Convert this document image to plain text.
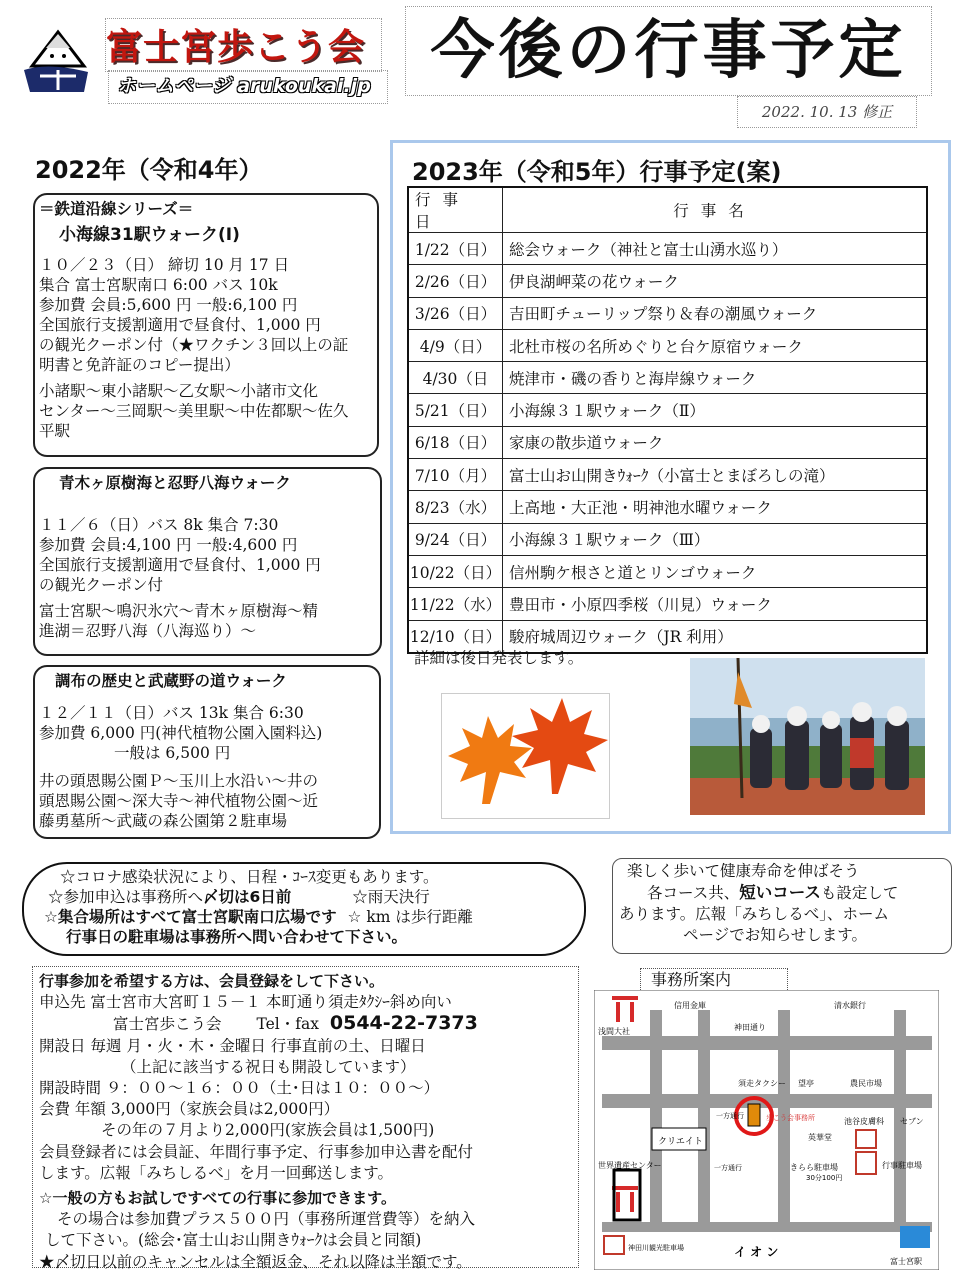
富士宮歩こう会
ホームページ arukoukai.jp 今後の行事予定
2022. 10. 13 修正
2022年（令和4年）

＝鉄道沿線シリーズ＝

小海線31駅ウォーク(Ⅰ)

１０／２３（日） 締切 10 月 17 日

集合 富士宮駅南口 6:00 バス 10k

参加費 会員:5,600 円 一般:6,100 円

全国旅行支援割適用で昼食付、1,000 円

の観光クーポン付（★ワクチン３回以上の証

明書と免許証のコピー提出）

小諸駅～東小諸駅～乙女駅～小諸市文化

センター～三岡駅～美里駅～中佐都駅～佐久

平駅

青木ヶ原樹海と忍野八海ウォーク

１１／６（日）バス 8k 集合 7:30

参加費 会員:4,100 円 一般:4,600 円

全国旅行支援割適用で昼食付、1,000 円

の観光クーポン付

富士宮駅～鳴沢氷穴～青木ヶ原樹海～精

進湖＝忍野八海（八海巡り）～

調布の歴史と武蔵野の道ウォーク

１２／１１（日）バス 13k 集合 6:30

参加費 6,000 円(神代植物公園入園料込)

一般は 6,500 円

井の頭恩賜公園Ｐ～玉川上水沿い～井の

頭恩賜公園～深大寺～神代植物公園～近

藤勇墓所～武蔵の森公園第２駐車場

2023年（令和5年）行事予定(案)
行事日	行事名
1/22（日）	総会ウォーク（神社と富士山湧水巡り）
2/26（日）	伊良湖岬菜の花ウォーク
3/26（日）	吉田町チューリップ祭り＆春の潮風ウォーク
4/9（日）	北杜市桜の名所めぐりと台ケ原宿ウォーク
4/30（日	焼津市・磯の香りと海岸線ウォーク
5/21（日）	小海線３１駅ウォーク（Ⅱ）
6/18（日）	家康の散歩道ウォーク
7/10（月）	富士山お山開きｳｫｰｸ（小富士とまぼろしの滝）
8/23（水）	上高地・大正池・明神池水曜ウォーク
9/24（日）	小海線３１駅ウォーク（Ⅲ）
10/22（日）	信州駒ケ根さと道とリンゴウォーク
11/22（水）	豊田市・小原四季桜（川見）ウォーク
12/10（日）	駿府城周辺ウォーク（JR 利用）
詳細は後日発表します。

☆コロナ感染状況により、日程・ｺｰｽ変更もあります。

☆参加申込は事務所へ〆切は6日前	☆雨天決行

☆集合場所はすべて富士宮駅南口広場です ☆ km は歩行距離

行事日の駐車場は事務所へ問い合わせて下さい。

楽しく歩いて健康寿命を伸ばそう

各コース共、短いコースも設定して

あります。広報「みちしるべ」、ホーム

ページでお知らせします。

行事参加を希望する方は、会員登録をして下さい。

申込先 富士宮市大宮町１５－１ 本町通り須走ﾀｸｼｰ斜め向い

富士宮歩こう会 Tel・fax 0544-22-7373

開設日 毎週 月・火・木・金曜日 行事直前の土、日曜日

（上記に該当する祝日も開設しています）

開設時間 ９：００～１６：００（土･日は１０：００～）

会費 年額 3,000円（家族会員は2,000円）

その年の７月より2,000円(家族会員は1,500円)

会員登録者には会員証、年間行事予定、行事参加申込書を配付

します。広報「みちしるべ」を月一回郵送します。

☆一般の方もお試しですべての行事に参加できます。

その場合は参加費プラス５００円（事務所運営費等）を納入

して下さい。(総会･富士山お山開きｳｫｰｸは会員と同額)

★〆切日以前のキャンセルは全額返金、それ以降は半額です。

事務所案内
クリエイト
浅間大社
信用金庫	清水銀行
神田通り
須走タクシー 望亭	農民市場
一方通行	歩こう会事務所	池谷皮膚科 セブン
英華堂
一方通行	きらら駐車場
30分100円
行事駐車場
世界遺産センター
神田川観光駐車場	イ オ ン
富士宮駅
